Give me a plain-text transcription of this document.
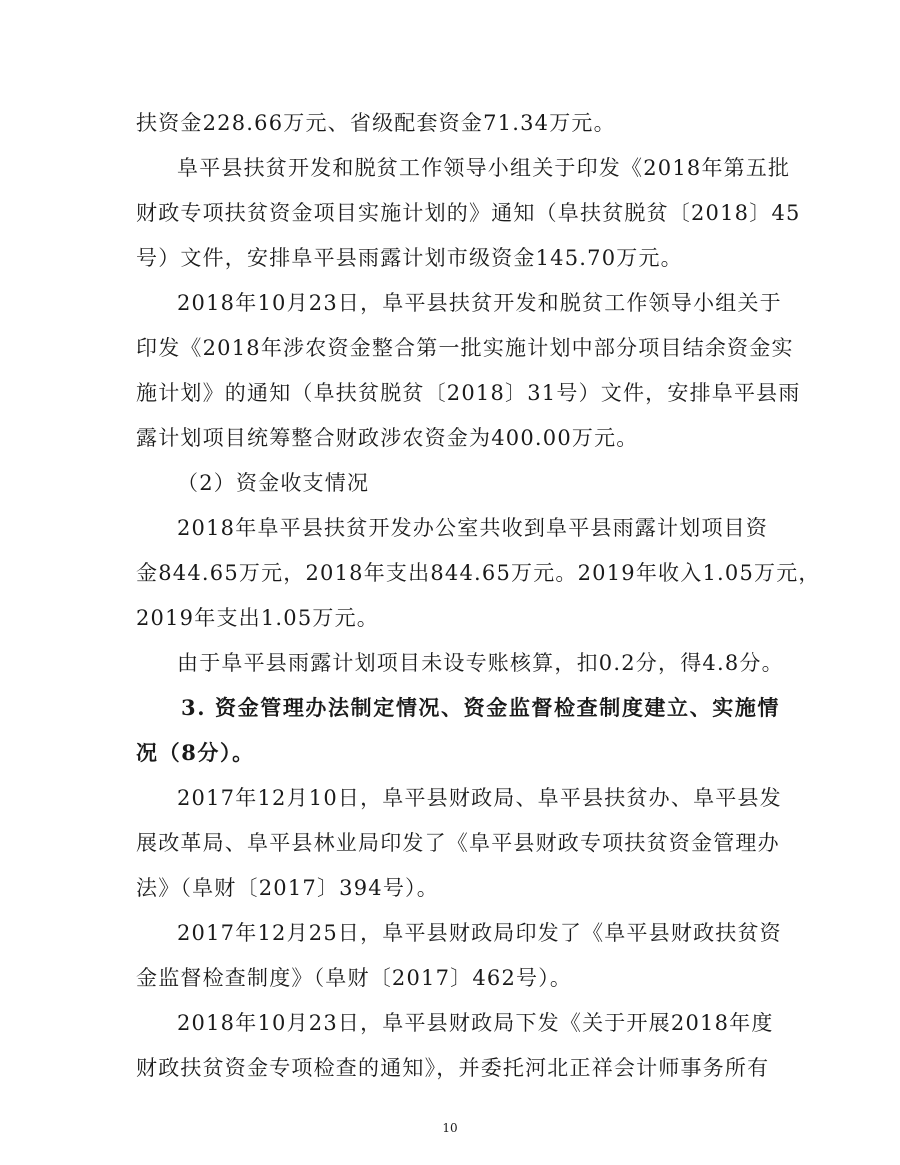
扶资金228.66万元、省级配套资金71.34万元。
阜平县扶贫开发和脱贫工作领导小组关于印发《2018年第五批
财政专项扶贫资金项目实施计划的》通知（阜扶贫脱贫〔2018〕45
号）文件，安排阜平县雨露计划市级资金145.70万元。
2018年10月23日，阜平县扶贫开发和脱贫工作领导小组关于
印发《2018年涉农资金整合第一批实施计划中部分项目结余资金实
施计划》的通知（阜扶贫脱贫〔2018〕31号）文件，安排阜平县雨
露计划项目统筹整合财政涉农资金为400.00万元。
（2）资金收支情况
2018年阜平县扶贫开发办公室共收到阜平县雨露计划项目资
金844.65万元，2018年支出844.65万元。2019年收入1.05万元，
2019年支出1.05万元。
由于阜平县雨露计划项目未设专账核算，扣0.2分，得4.8分。
3. 资金管理办法制定情况、资金监督检查制度建立、实施情
况（8分）。
2017年12月10日，阜平县财政局、阜平县扶贫办、阜平县发
展改革局、阜平县林业局印发了《阜平县财政专项扶贫资金管理办
法》（阜财〔2017〕394号）。
2017年12月25日，阜平县财政局印发了《阜平县财政扶贫资
金监督检查制度》（阜财〔2017〕462号）。
2018年10月23日，阜平县财政局下发《关于开展2018年度
财政扶贫资金专项检查的通知》，并委托河北正祥会计师事务所有
10
